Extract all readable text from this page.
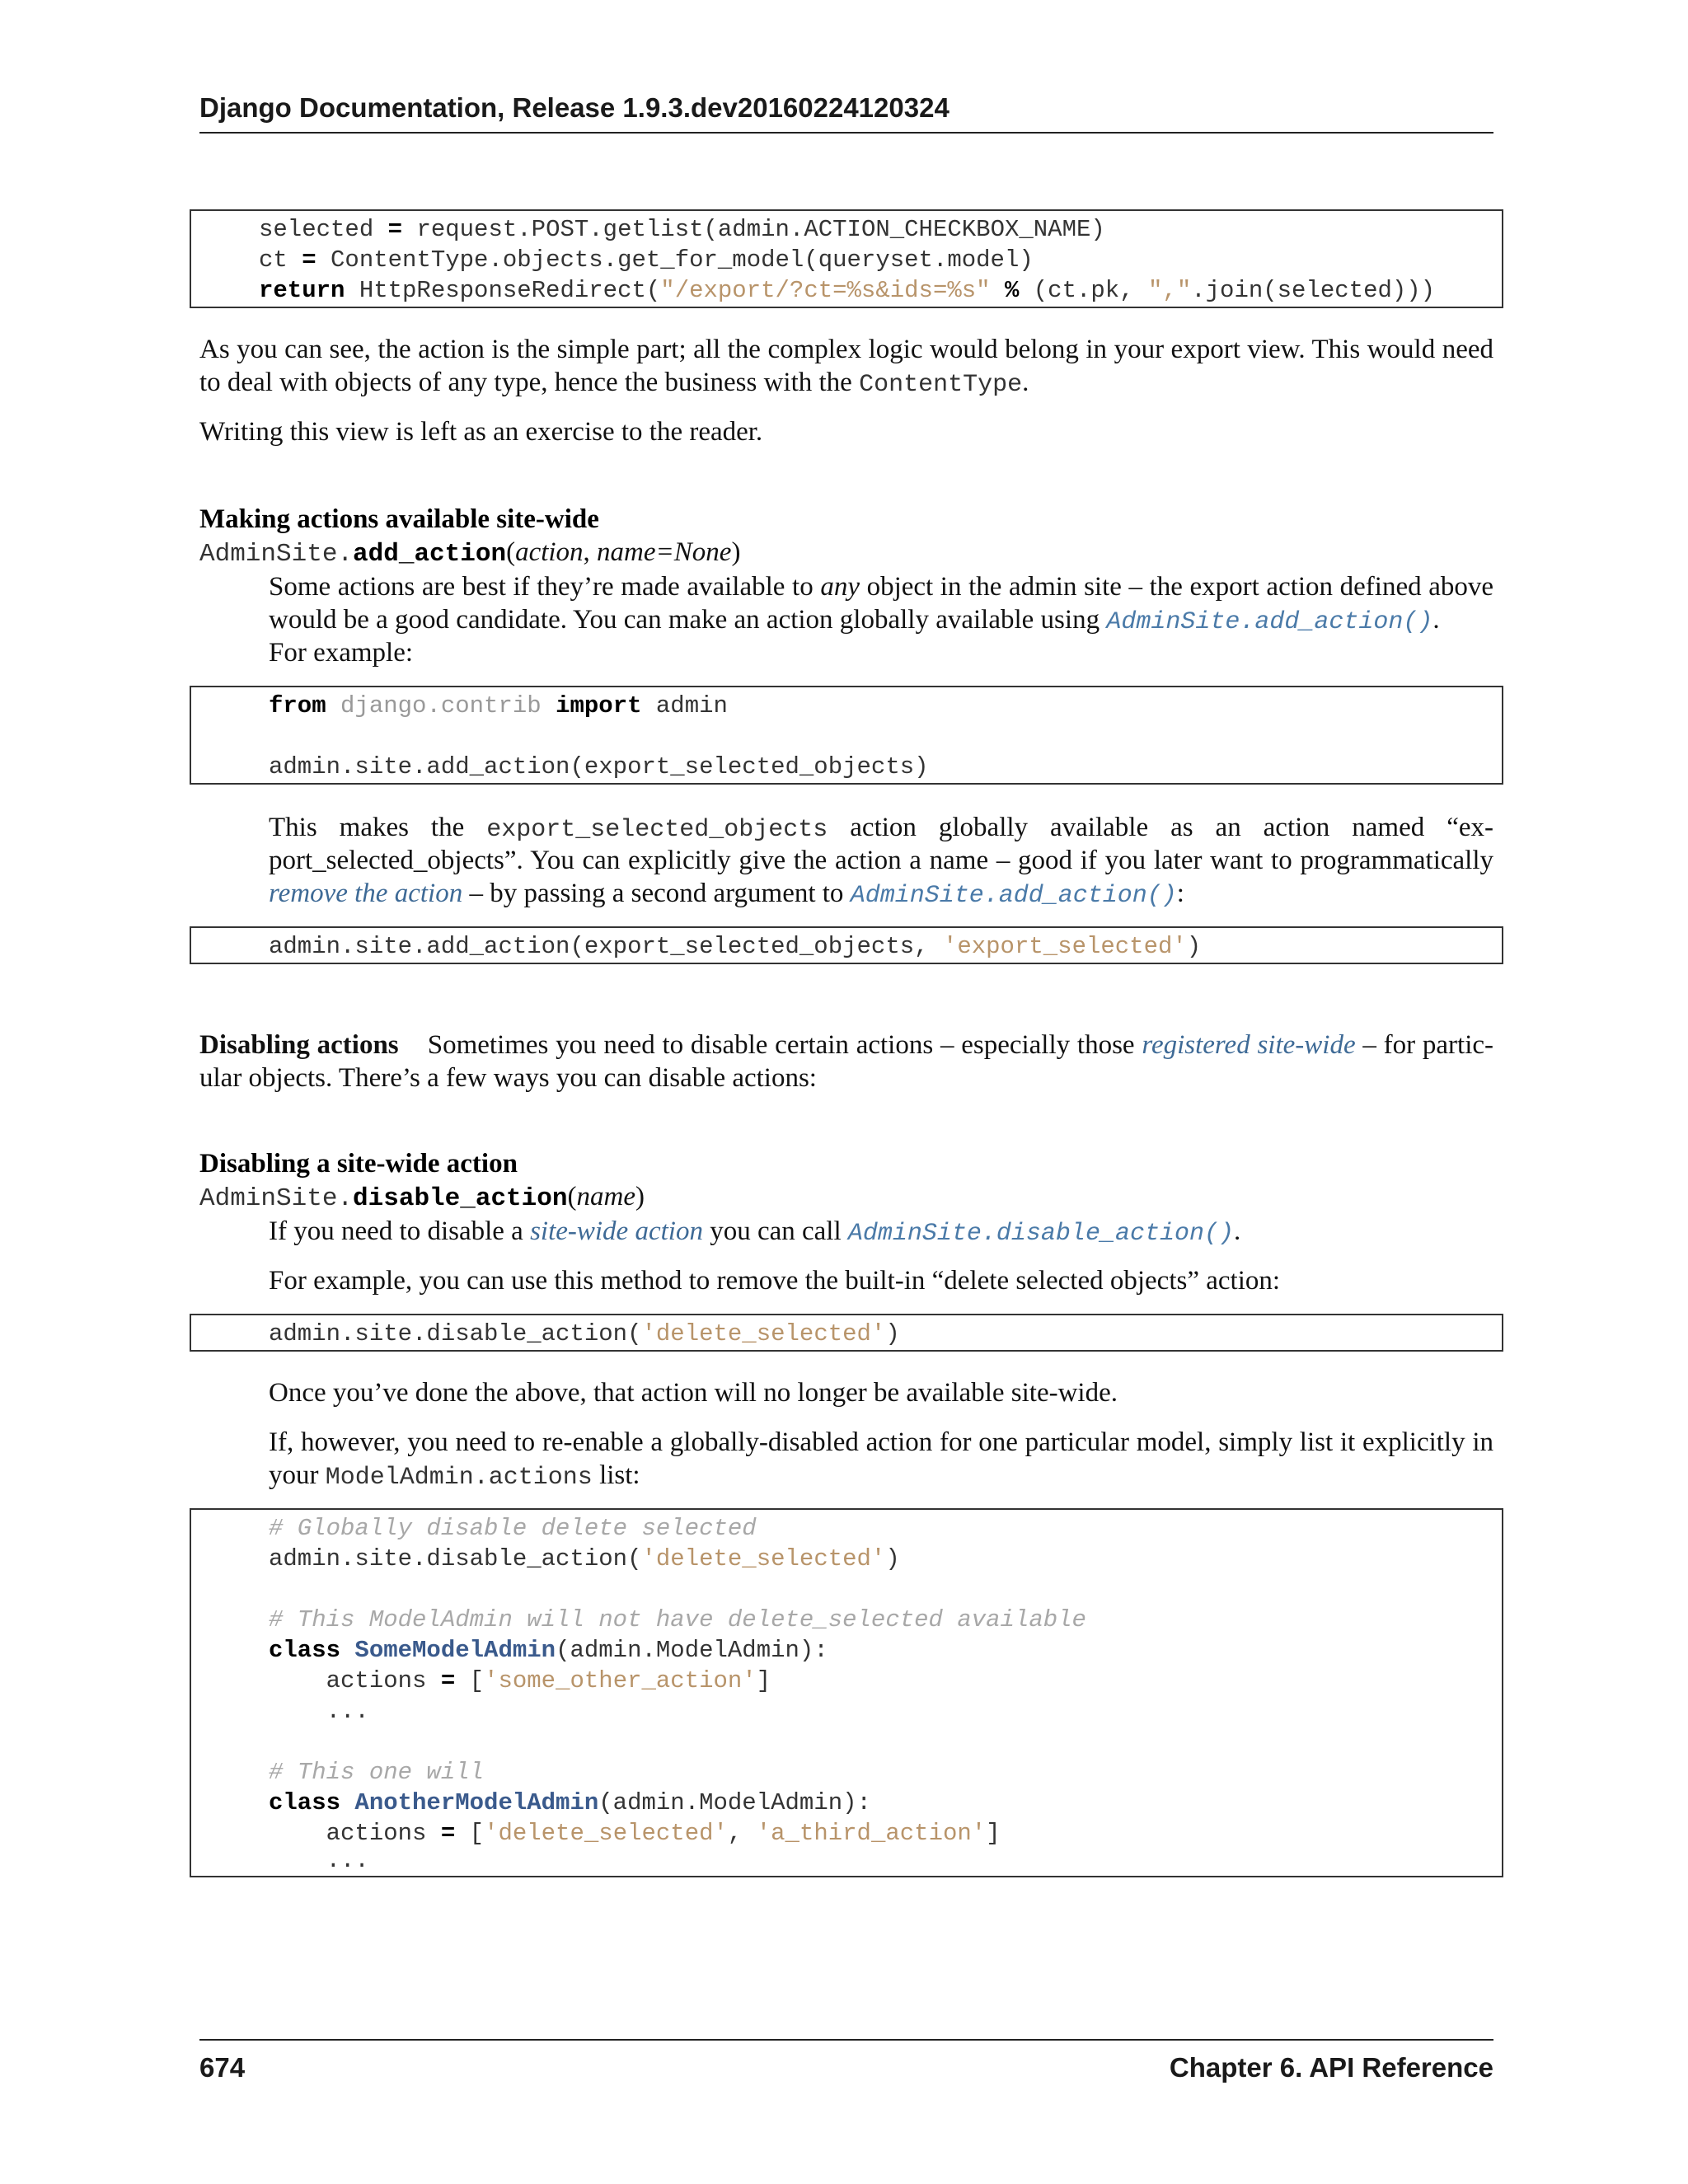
Django Documentation, Release 1.9.3.dev20160224120324
selected = request.POST.getlist(admin.ACTION_CHECKBOX_NAME)
ct = ContentType.objects.get_for_model(queryset.model)
return HttpResponseRedirect("/export/?ct=%s&ids=%s" % (ct.pk, ",".join(selected)))
As you can see, the action is the simple part; all the complex logic would belong in your export view. This would need
to deal with objects of any type, hence the business with the ContentType.
Writing this view is left as an exercise to the reader.
Making actions available site-wide
AdminSite.add_action(action, name=None)
Some actions are best if they’re made available to any object in the admin site – the export action defined above
would be a good candidate. You can make an action globally available using AdminSite.add_action().
For example:
from django.contrib import admin
admin.site.add_action(export_selected_objects)
This makes the export_selected_objects action globally available as an action named “ex-
port_selected_objects”. You can explicitly give the action a name – good if you later want to programmatically
remove the action – by passing a second argument to AdminSite.add_action():
admin.site.add_action(export_selected_objects, 'export_selected')
Disabling actions Sometimes you need to disable certain actions – especially those registered site-wide – for partic-
ular objects. There’s a few ways you can disable actions:
Disabling a site-wide action
AdminSite.disable_action(name)
If you need to disable a site-wide action you can call AdminSite.disable_action().
For example, you can use this method to remove the built-in “delete selected objects” action:
admin.site.disable_action('delete_selected')
Once you’ve done the above, that action will no longer be available site-wide.
If, however, you need to re-enable a globally-disabled action for one particular model, simply list it explicitly in
your ModelAdmin.actions list:
# Globally disable delete selected
admin.site.disable_action('delete_selected')
# This ModelAdmin will not have delete_selected available
class SomeModelAdmin(admin.ModelAdmin):
actions = ['some_other_action']
...
# This one will
class AnotherModelAdmin(admin.ModelAdmin):
actions = ['delete_selected', 'a_third_action']
...
674	Chapter 6. API Reference
